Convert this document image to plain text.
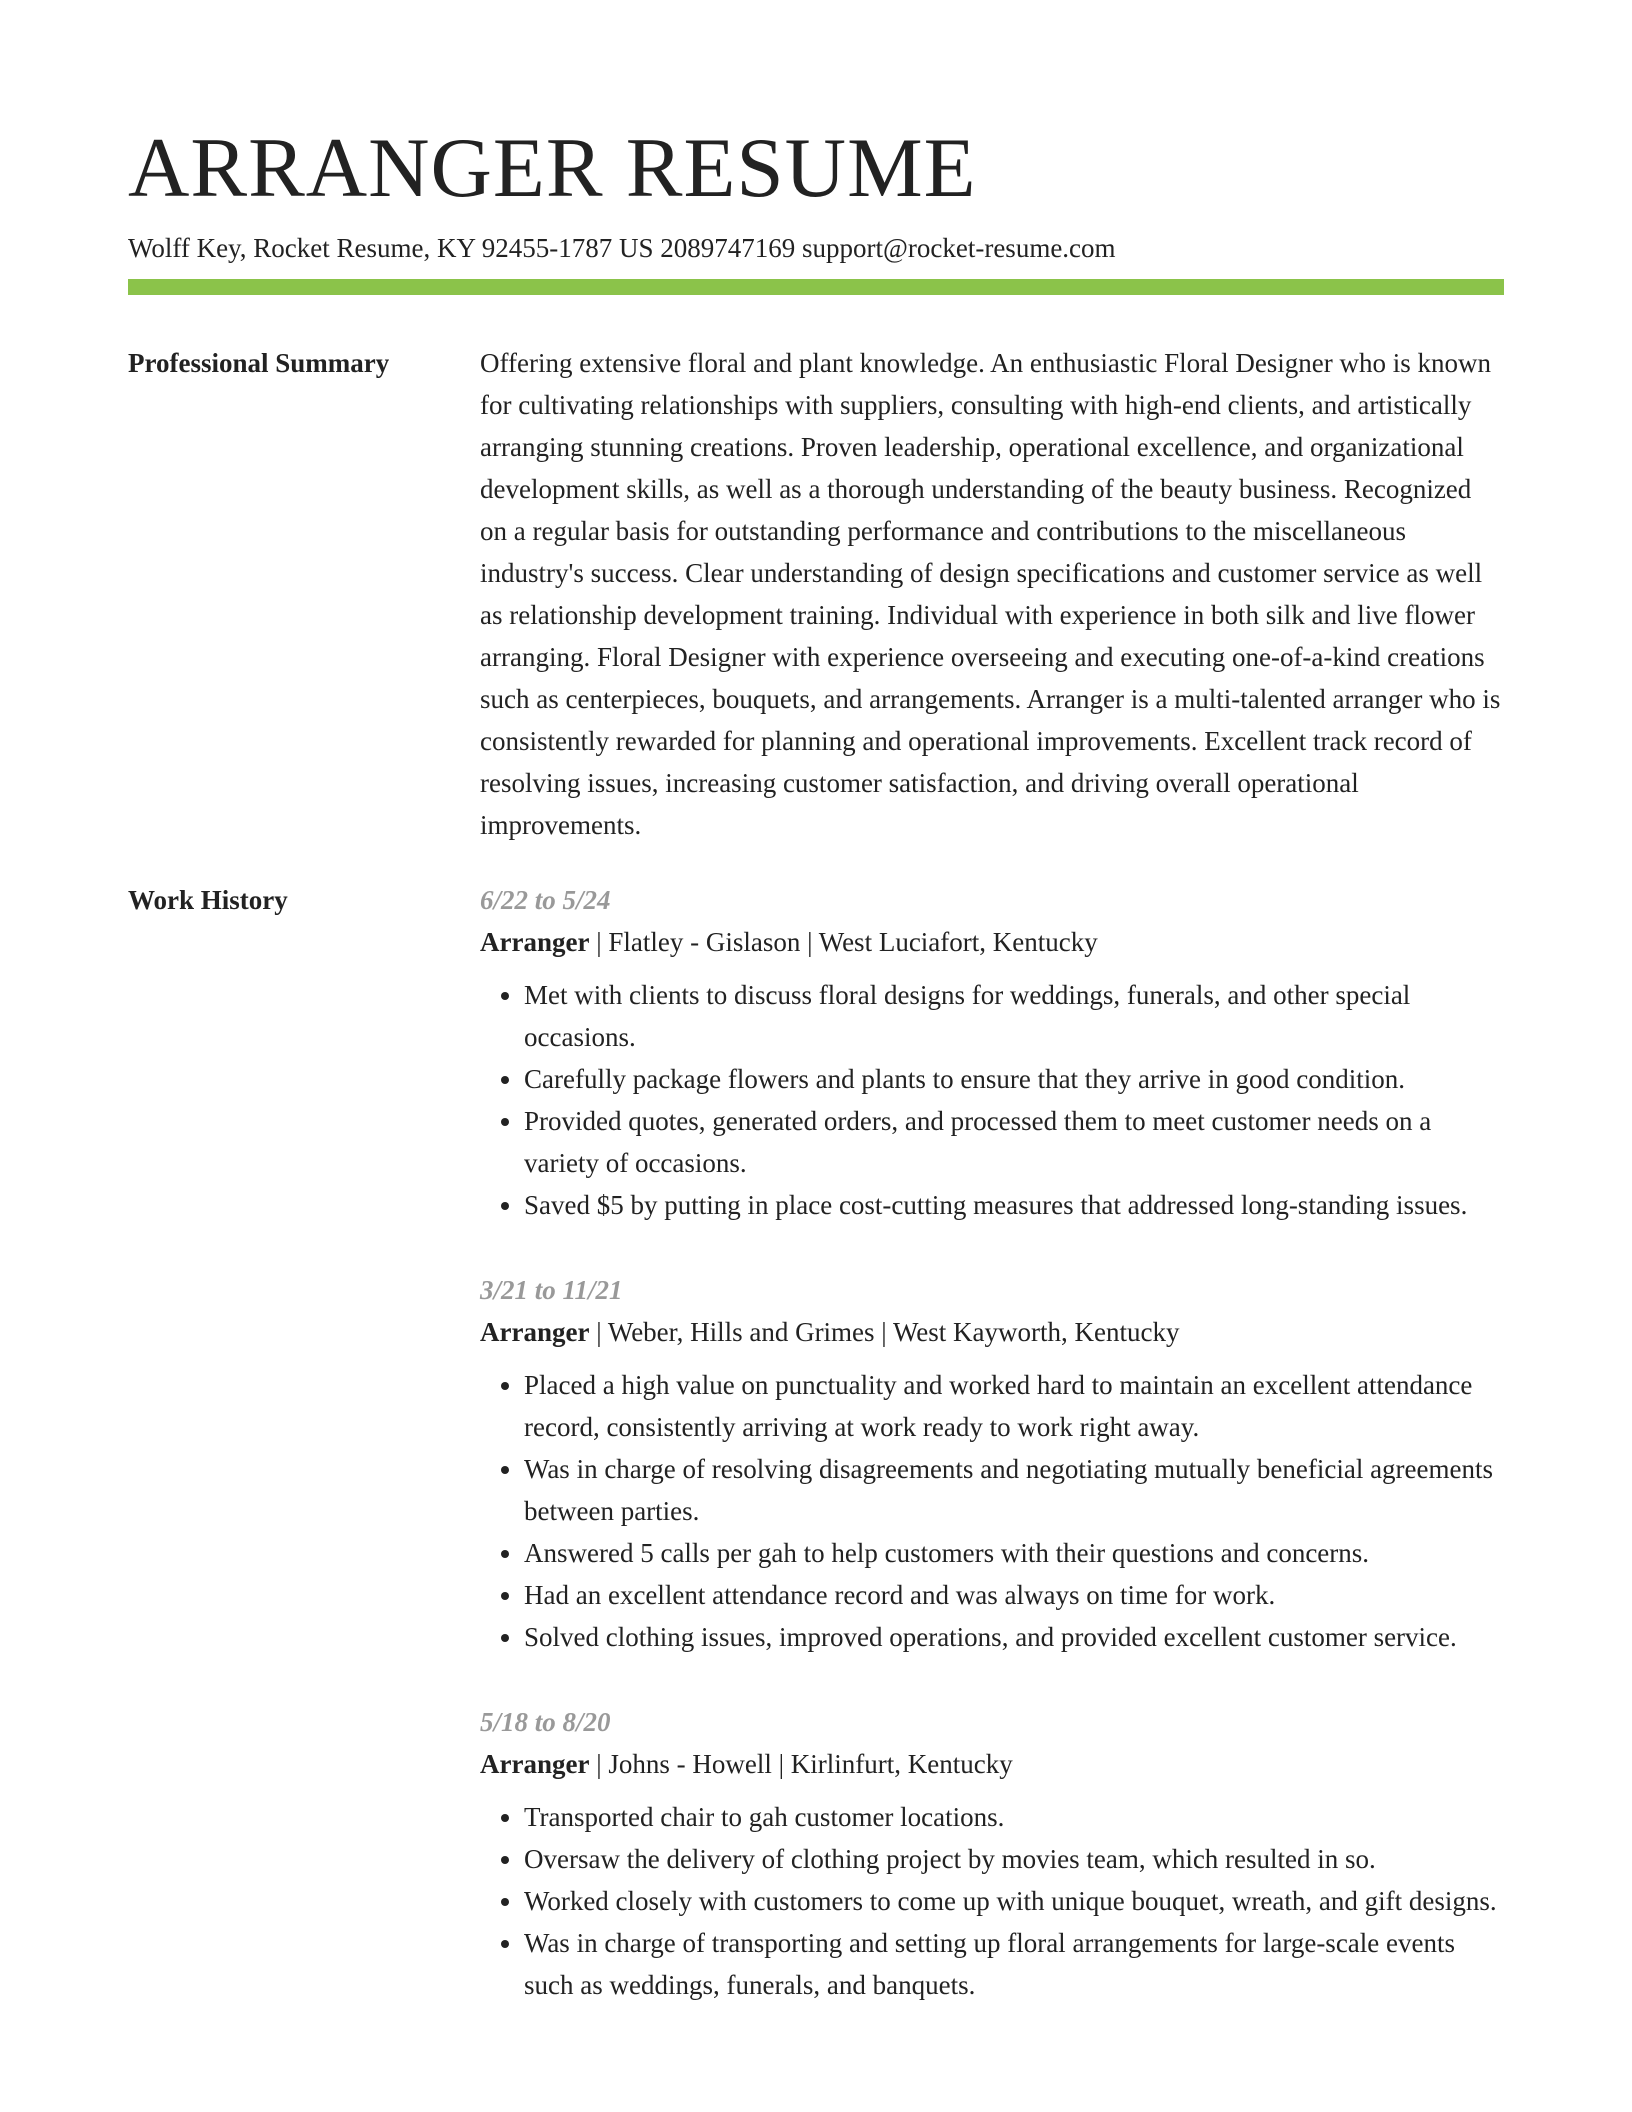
ARRANGER RESUME
Wolff Key, Rocket Resume, KY 92455-1787 US 2089747169 support@rocket-resume.com
Professional Summary	Offering extensive floral and plant knowledge. An enthusiastic Floral Designer who is known for cultivating relationships with suppliers, consulting with high-end clients, and artistically arranging stunning creations. Proven leadership, operational excellence, and organizational development skills, as well as a thorough understanding of the beauty business. Recognized on a regular basis for outstanding performance and contributions to the miscellaneous industry's success. Clear understanding of design specifications and customer service as well as relationship development training. Individual with experience in both silk and live flower arranging. Floral Designer with experience overseeing and executing one-of-a-kind creations such as centerpieces, bouquets, and arrangements. Arranger is a multi-talented arranger who is consistently rewarded for planning and operational improvements. Excellent track record of resolving issues, increasing customer satisfaction, and driving overall operational improvements.
Work History	6/22 to 5/24
Arranger | Flatley - Gislason | West Luciafort, Kentucky
• Met with clients to discuss floral designs for weddings, funerals, and other special occasions.
• Carefully package flowers and plants to ensure that they arrive in good condition.
• Provided quotes, generated orders, and processed them to meet customer needs on a variety of occasions.
• Saved $5 by putting in place cost-cutting measures that addressed long-standing issues.
3/21 to 11/21
Arranger | Weber, Hills and Grimes | West Kayworth, Kentucky
• Placed a high value on punctuality and worked hard to maintain an excellent attendance record, consistently arriving at work ready to work right away.
• Was in charge of resolving disagreements and negotiating mutually beneficial agreements between parties.
• Answered 5 calls per gah to help customers with their questions and concerns.
• Had an excellent attendance record and was always on time for work.
• Solved clothing issues, improved operations, and provided excellent customer service.
5/18 to 8/20
Arranger | Johns - Howell | Kirlinfurt, Kentucky
• Transported chair to gah customer locations.
• Oversaw the delivery of clothing project by movies team, which resulted in so.
• Worked closely with customers to come up with unique bouquet, wreath, and gift designs.
• Was in charge of transporting and setting up floral arrangements for large-scale events such as weddings, funerals, and banquets.
